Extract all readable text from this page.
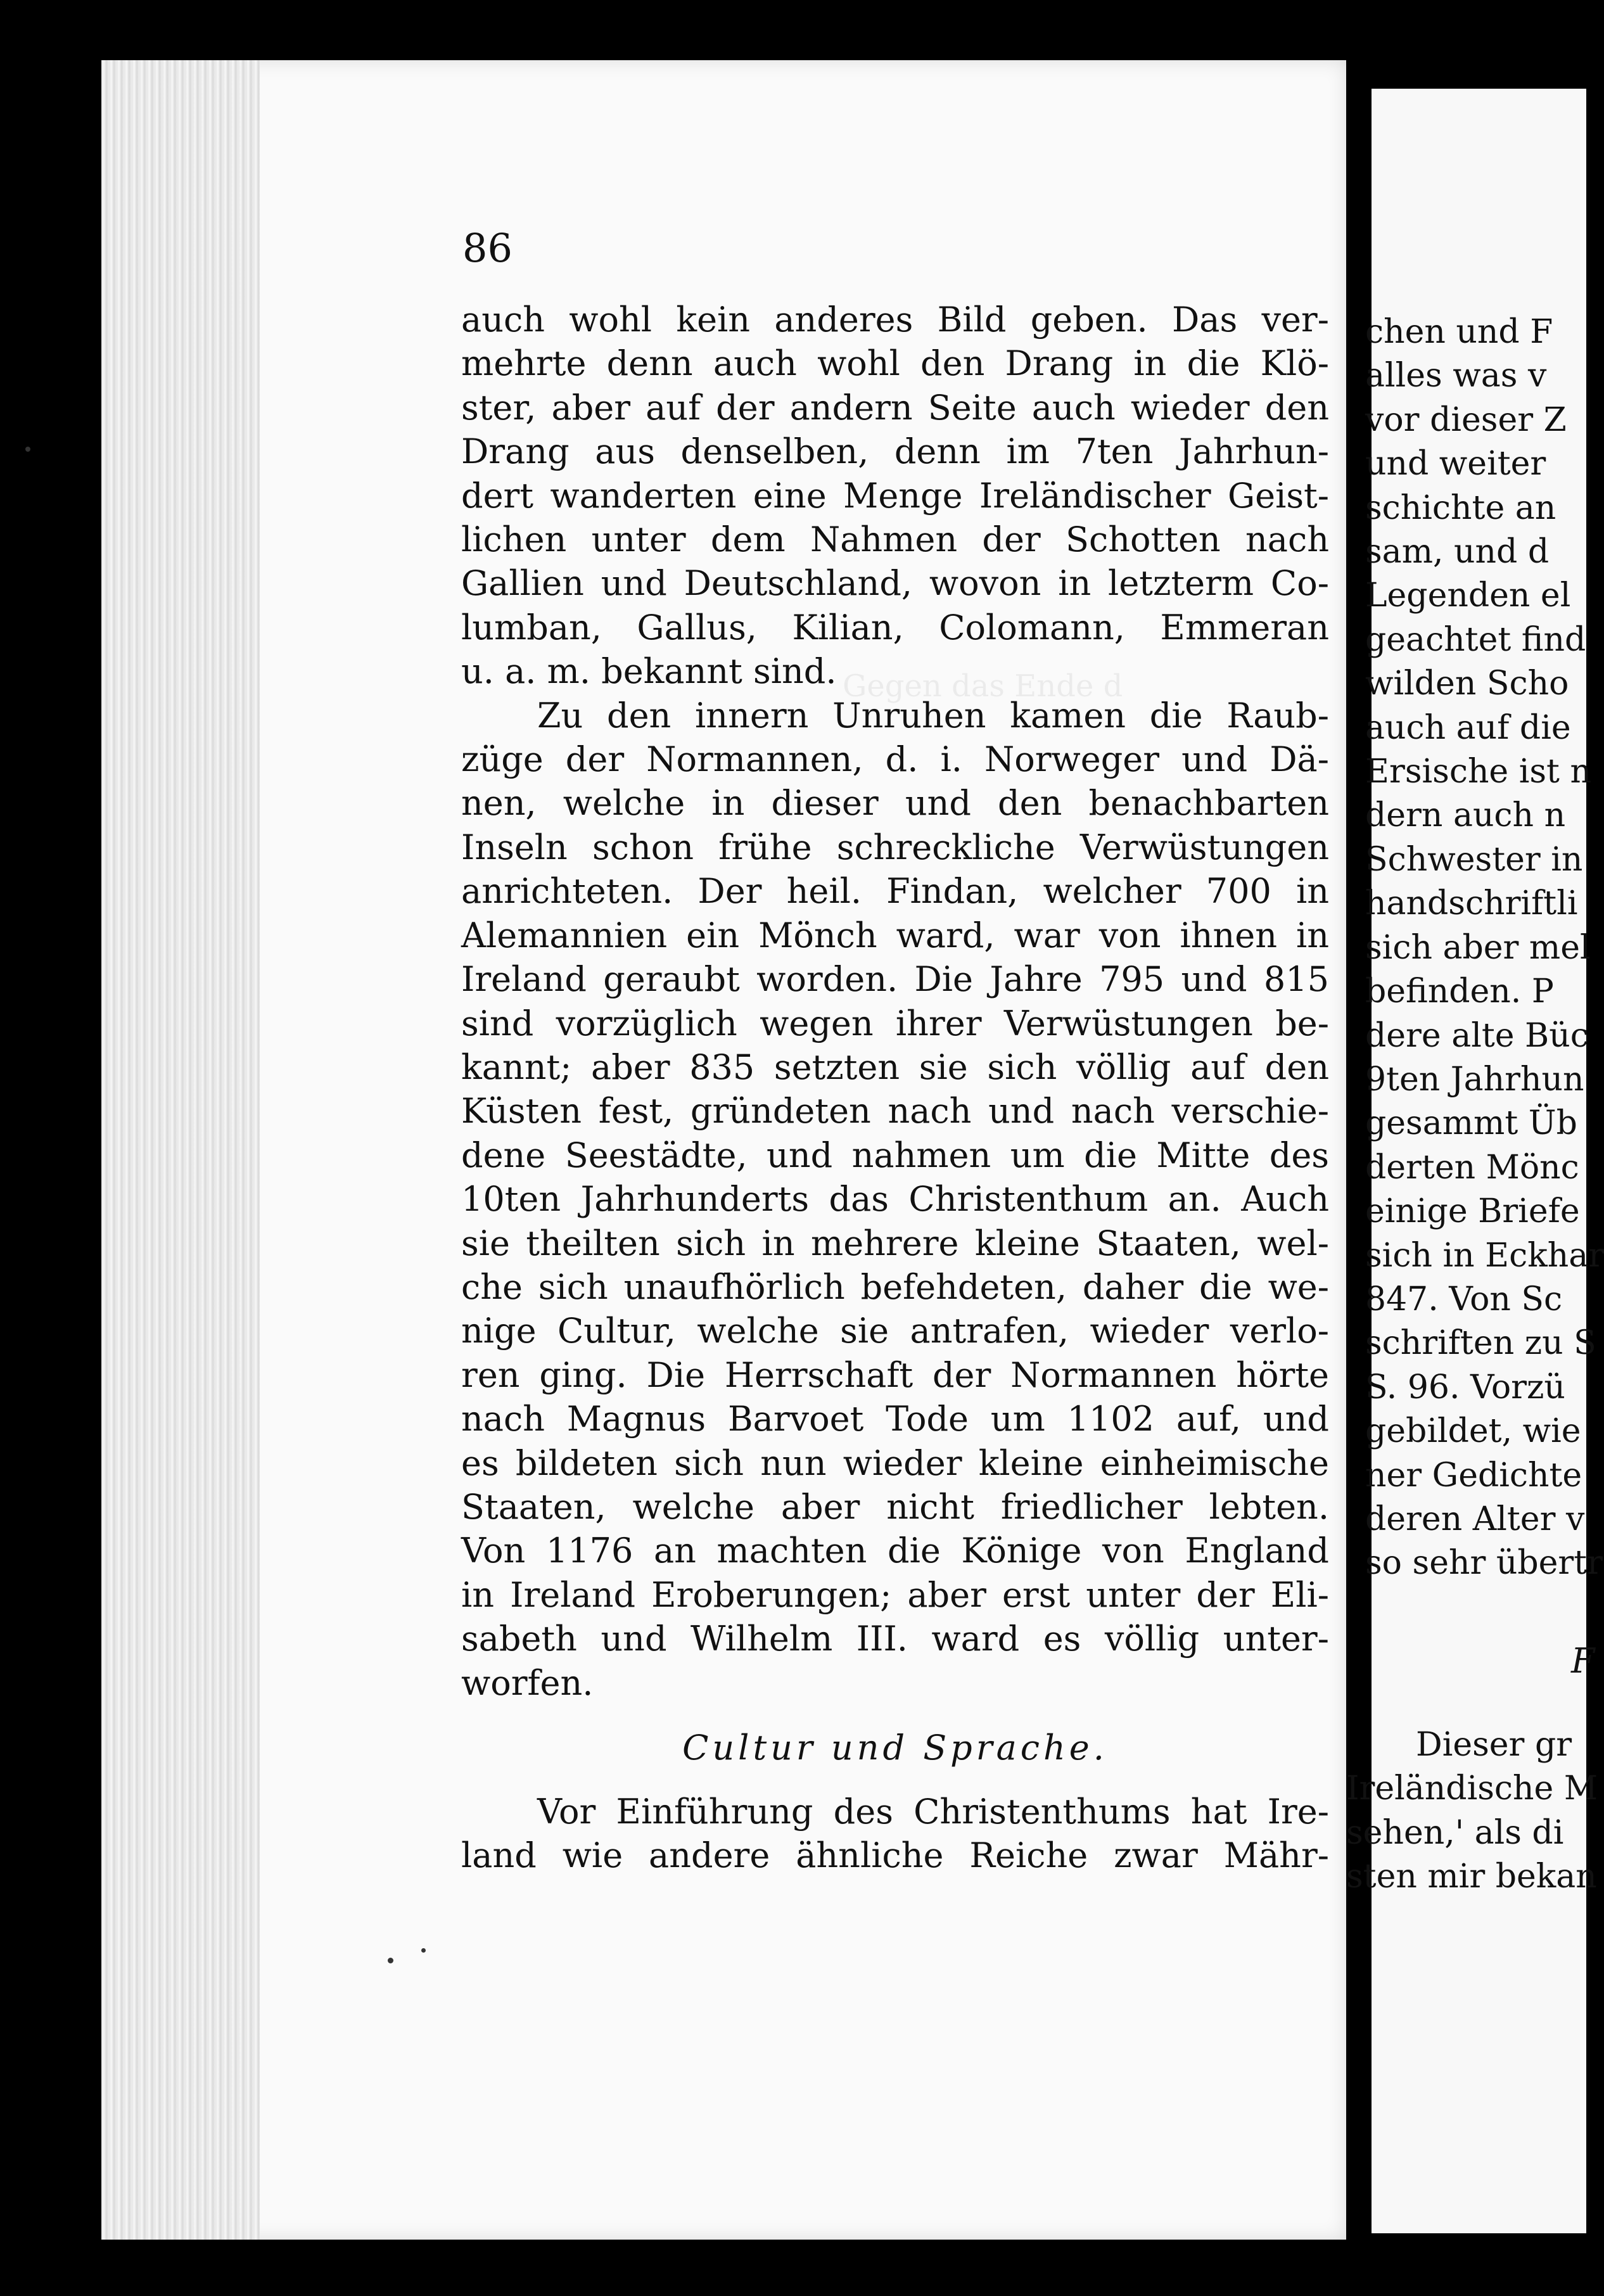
Gegen das Ende d
86
auch wohl kein anderes Bild geben. Das ver-
mehrte denn auch wohl den Drang in die Klö-
ster, aber auf der andern Seite auch wieder den
Drang aus denselben, denn im 7ten Jahrhun-
dert wanderten eine Menge Ireländischer Geist-
lichen unter dem Nahmen der Schotten nach
Gallien und Deutschland, wovon in letzterm Co-
lumban, Gallus, Kilian, Colomann, Emmeran
u. a. m. bekannt sind.
Zu den innern Unruhen kamen die Raub-
züge der Normannen, d. i. Norweger und Dä-
nen, welche in dieser und den benachbarten
Inseln schon frühe schreckliche Verwüstungen
anrichteten. Der heil. Findan, welcher 700 in
Alemannien ein Mönch ward, war von ihnen in
Ireland geraubt worden. Die Jahre 795 und 815
sind vorzüglich wegen ihrer Verwüstungen be-
kannt; aber 835 setzten sie sich völlig auf den
Küsten fest, gründeten nach und nach verschie-
dene Seestädte, und nahmen um die Mitte des
10ten Jahrhunderts das Christenthum an. Auch
sie theilten sich in mehrere kleine Staaten, wel-
che sich unaufhörlich befehdeten, daher die we-
nige Cultur, welche sie antrafen, wieder verlo-
ren ging. Die Herrschaft der Normannen hörte
nach Magnus Barvoet Tode um 1102 auf, und
es bildeten sich nun wieder kleine einheimische
Staaten, welche aber nicht friedlicher lebten.
Von 1176 an machten die Könige von England
in Ireland Eroberungen; aber erst unter der Eli-
sabeth und Wilhelm III. ward es völlig unter-
worfen.
Cultur und Sprache.
Vor Einführung des Christenthums hat Ire-
land wie andere ähnliche Reiche zwar Mähr-
chen und F
alles was v
vor dieser Z
und weiter
schichte an
sam, und d
Legenden el
geachtet find
wilden Scho
auch auf die
Ersische ist n
dern auch n
Schwester in
handschriftli
sich aber mel
befinden. P
dere alte Büc
9ten Jahrhun
gesammt Üb
derten Mönc
einige Briefe
sich in Eckhar
847. Von Sc
schriften zu S
S. 96. Vorzü
gebildet, wie
ner Gedichte
deren Alter v
so sehr übertr
F
Dieser gr
Ireländische M
sehen,' als di
sten mir bekan
